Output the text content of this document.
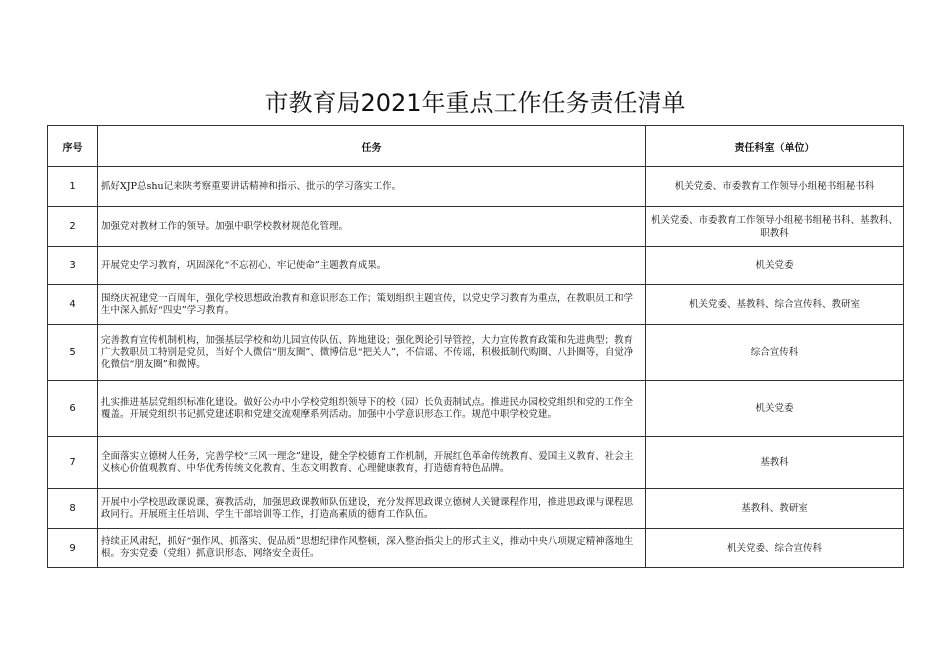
市教育局2021年重点工作任务责任清单
序号	任务	责任科室（单位）
1	抓好XJP总shu记来陕考察重要讲话精神和指示、批示的学习落实工作。	机关党委、市委教育工作领导小组秘书组秘书科
2	加强党对教材工作的领导。加强中职学校教材规范化管理。	机关党委、市委教育工作领导小组秘书组秘书科、基教科、职教科
3	开展党史学习教育，巩固深化“不忘初心、牢记使命”主题教育成果。	机关党委
4	围绕庆祝建党一百周年，强化学校思想政治教育和意识形态工作；策划组织主题宣传，以党史学习教育为重点，在教职员工和学生中深入抓好“四史”学习教育。	机关党委、基教科、综合宣传科、教研室
5	完善教育宣传机制机构，加强基层学校和幼儿园宣传队伍、阵地建设；强化舆论引导管控，大力宣传教育政策和先进典型；教育广大教职员工特别是党员，当好个人微信“朋友圈”、微博信息“把关人”，不信谣、不传谣，积极抵制代购圈、八卦圈等，自觉净化微信“朋友圈”和微博。	综合宣传科
6	扎实推进基层党组织标准化建设。做好公办中小学校党组织领导下的校（园）长负责制试点。推进民办园校党组织和党的工作全覆盖。开展党组织书记抓党建述职和党建交流观摩系列活动。加强中小学意识形态工作。规范中职学校党建。	机关党委
7	全面落实立德树人任务，完善学校“三风一理念”建设，健全学校德育工作机制，开展红色革命传统教育、爱国主义教育、社会主义核心价值观教育、中华优秀传统文化教育、生态文明教育、心理健康教育，打造德育特色品牌。	基教科
8	开展中小学校思政课说课、赛教活动，加强思政课教师队伍建设，充分发挥思政课立德树人关键课程作用，推进思政课与课程思政同行。开展班主任培训、学生干部培训等工作，打造高素质的德育工作队伍。	基教科、教研室
9	持续正风肃纪，抓好“强作风、抓落实、促品质”思想纪律作风整顿，深入整治指尖上的形式主义，推动中央八项规定精神落地生根。夯实党委（党组）抓意识形态、网络安全责任。	机关党委、综合宣传科
